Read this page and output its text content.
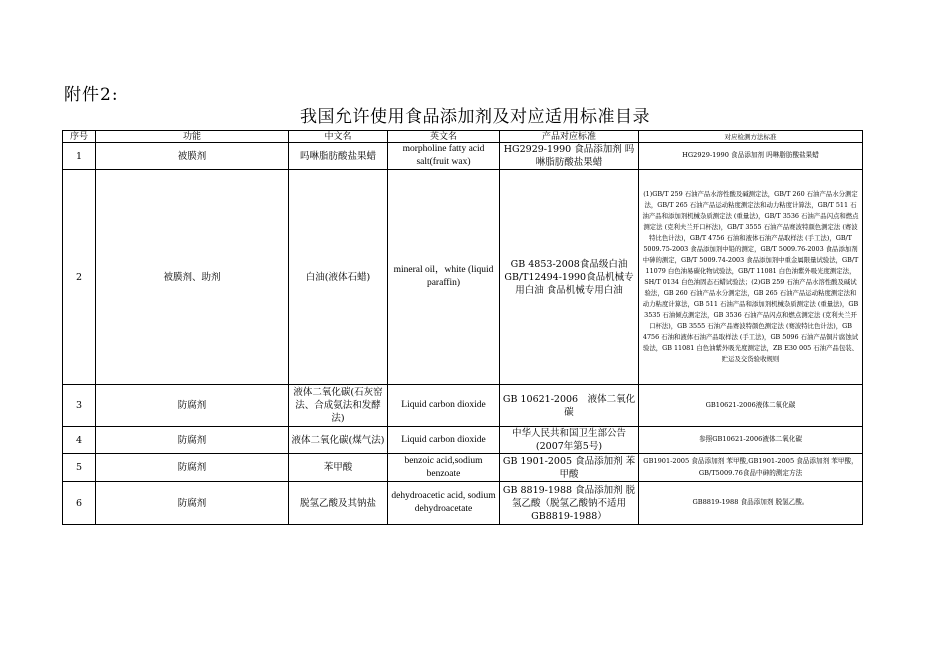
附件2:
我国允许使用食品添加剂及对应适用标准目录
序号	功能	中文名	英文名	产品对应标准	对应检测方法标准
1	被膜剂	吗啉脂肪酸盐果蜡	morpholine fatty acid salt(fruit wax)	HG2929-1990 食品添加剂 吗啉脂肪酸盐果蜡	HG2929-1990 食品添加剂 吗啉脂肪酸盐果蜡
2	被膜剂、助剂	白油(液体石蜡)	mineral oil，white (liquid paraffin)	GB 4853-2008食品级白油 GB/T12494-1990食品机械专用白油 食品机械专用白油	(1)GB/T 259 石油产品水溶性酸及碱测定法，GB/T 260 石油产品水分测定法，GB/T 265 石油产品运动粘度测定法和动力粘度计算法，GB/T 511 石油产品和添加剂机械杂质测定法 (重量法)，GB/T 3536 石油产品闪点和燃点测定法 (克利夫兰开口杯法)，GB/T 3555 石油产品赛波特颜色测定法 (赛波特比色计法)，GB/T 4756 石油和液体石油产品取样法 (手工法)，GB/T 5009.75-2003 食品添加剂中铅的测定，GB/T 5009.76-2003 食品添加剂中砷的测定，GB/T 5009.74-2003 食品添加剂中重金属限量试验法，GB/T 11079 白色油易碳化物试验法，GB/T 11081 白色油紫外吸光度测定法，SH/T 0134 白色油固态石蜡试验法；(2)GB 259 石油产品水溶性酸及碱试验法，GB 260 石油产品水分测定法，GB 265 石油产品运动粘度测定法和动力粘度计算法，GB 511 石油产品和添加剂机械杂质测定法 (重量法)，GB 3535 石油倾点测定法，GB 3536 石油产品闪点和燃点测定法 (克利夫兰开口杯法)，GB 3555 石油产品赛波特颜色测定法 (赛波特比色计法)，GB 4756 石油和液体石油产品取样法 (手工法)，GB 5096 石油产品铜片腐蚀试验法，GB 11081 白色油紫外吸光度测定法，ZB E30 005 石油产品包装、贮运及交货验收规则
3	防腐剂	液体二氧化碳(石灰窑法、合成氨法和发酵法)	Liquid carbon dioxide	GB 10621-2006　液体二氧化碳	GB10621-2006液体二氧化碳
4	防腐剂	液体二氧化碳(煤气法)	Liquid carbon dioxide	中华人民共和国卫生部公告(2007年第5号)	参照GB10621-2006液体二氧化碳
5	防腐剂	苯甲酸	benzoic acid,sodium benzoate	GB 1901-2005 食品添加剂 苯甲酸	GB1901-2005 食品添加剂 苯甲酸,GB1901-2005 食品添加剂 苯甲酸，GB/T5009.76食品中砷的测定方法
6	防腐剂	脱氢乙酸及其钠盐	dehydroacetic acid, sodium dehydroacetate	GB 8819-1988 食品添加剂 脱氢乙酸（脱氢乙酸钠不适用GB8819-1988）	GB8819-1988 食品添加剂 脱氢乙酸。
